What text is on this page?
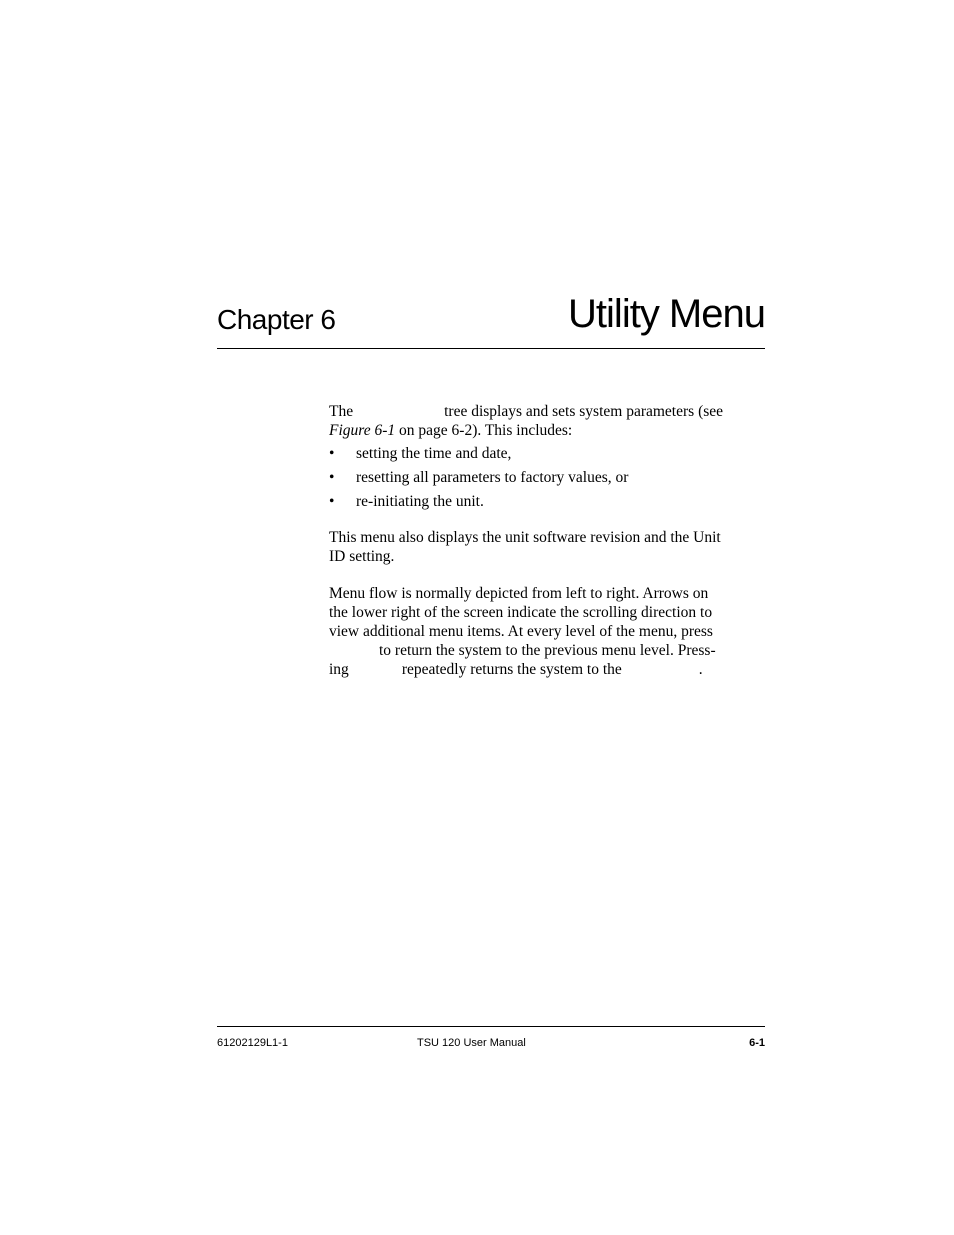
Chapter 6	Utility Menu
The	tree displays and sets system parameters (see
Figure 6-1 on page 6-2). This includes:
• setting the time and date,
• resetting all parameters to factory values, or
• re-initiating the unit.
This menu also displays the unit software revision and the Unit
ID setting.
Menu flow is normally depicted from left to right. Arrows on
the lower right of the screen indicate the scrolling direction to
view additional menu items. At every level of the menu, press
to return the system to the previous menu level. Press-
ing	repeatedly returns the system to the	.
61202129L1-1	TSU 120 User Manual	6-1
